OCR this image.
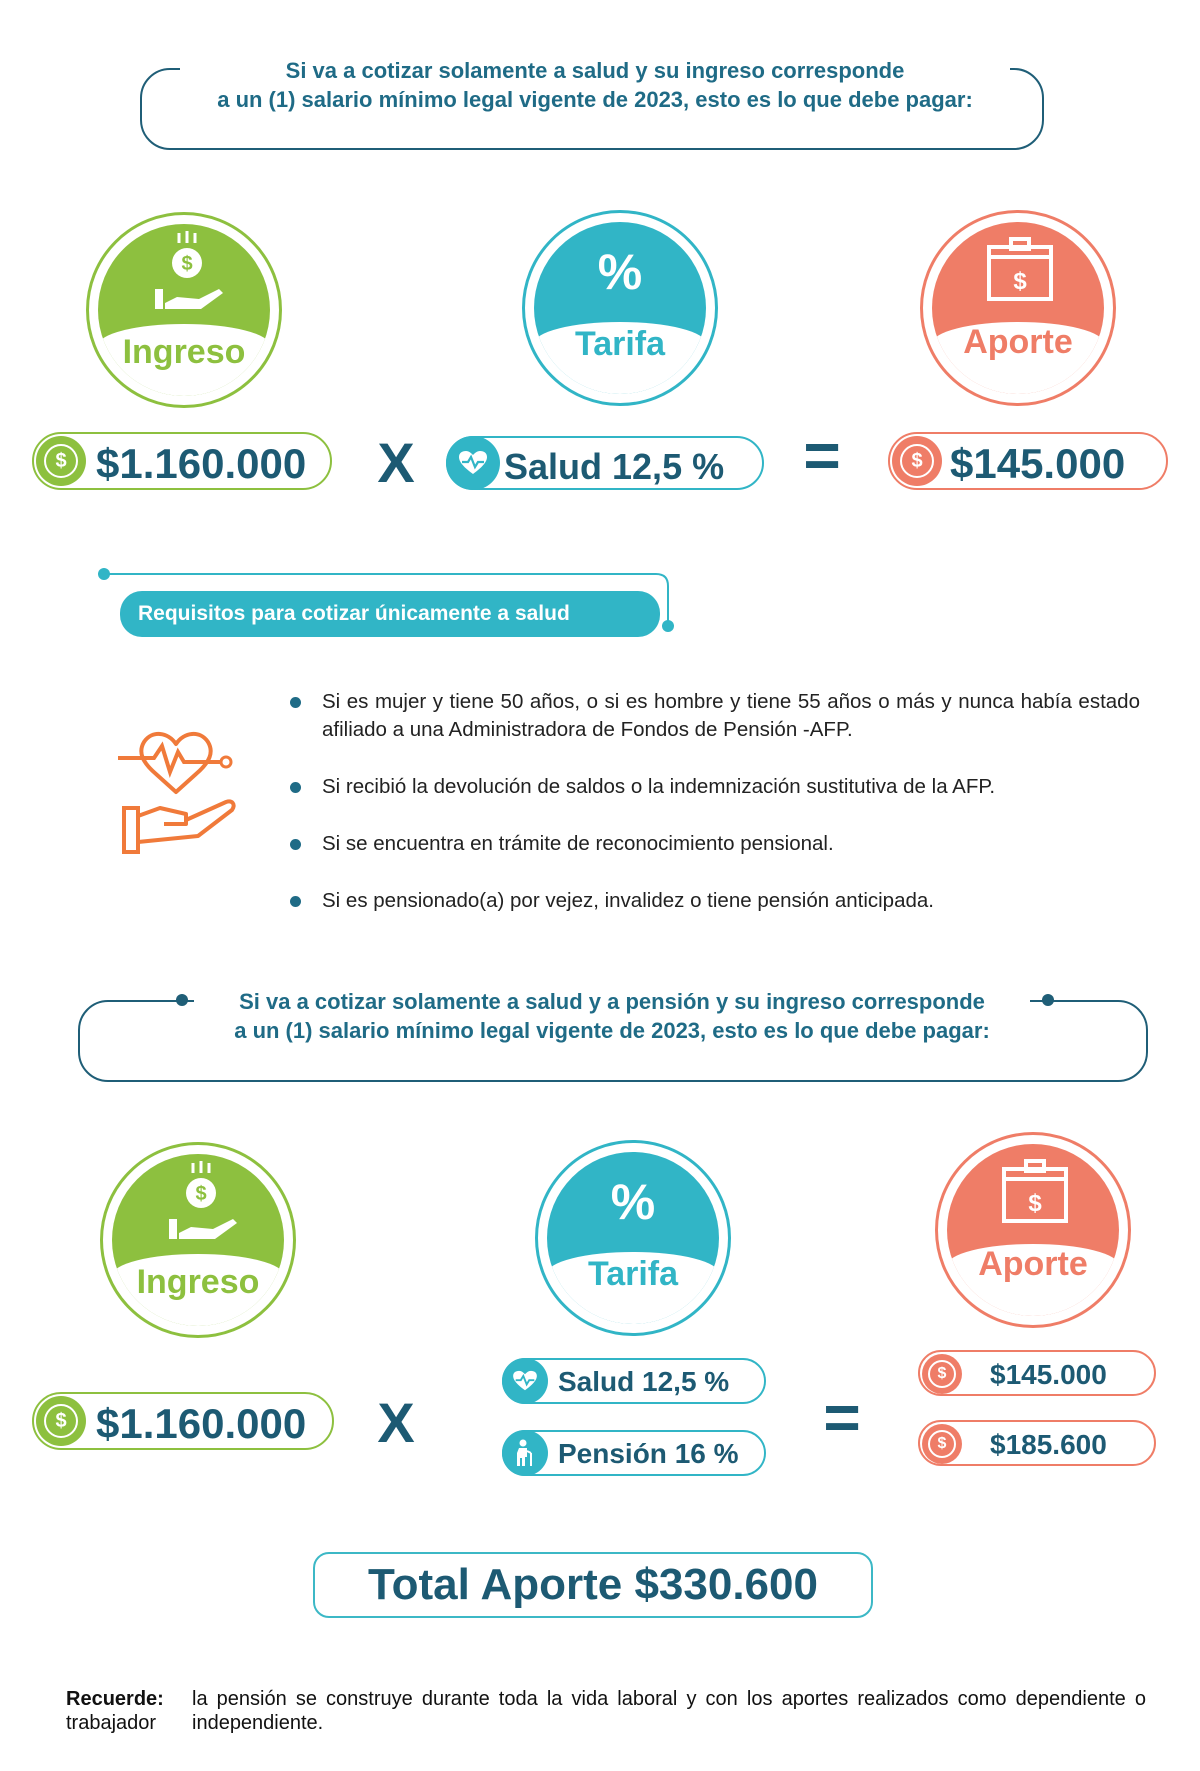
Si va a cotizar solamente a salud y su ingreso corresponde
a un (1) salario mínimo legal vigente de 2023, esto es lo que debe pagar:
$
Ingreso
%
Tarifa
$
Aporte
$ $1.160.000 X	Salud 12,5 % =	$ $145.000
Requisitos para cotizar únicamente a salud
Si es mujer y tiene 50 años, o si es hombre y tiene 55 años o más y nunca había estado afiliado a una Administradora de Fondos de Pensión -AFP.
Si recibió la devolución de saldos o la indemnización sustitutiva de la AFP.
Si se encuentra en trámite de reconocimiento pensional.
Si es pensionado(a) por vejez, invalidez o tiene pensión anticipada.
Si va a cotizar solamente a salud y a pensión y su ingreso corresponde
a un (1) salario mínimo legal vigente de 2023, esto es lo que debe pagar:
$
Ingreso
%
Tarifa
$
Aporte
$ $1.160.000 X
Salud 12,5 %
Pensión 16 %
=
$	$145.000
$	$185.600
Total Aporte $330.600
Recuerde:
trabajador
la pensión se construye durante toda la vida laboral y con los aportes realizados como dependiente o independiente.
